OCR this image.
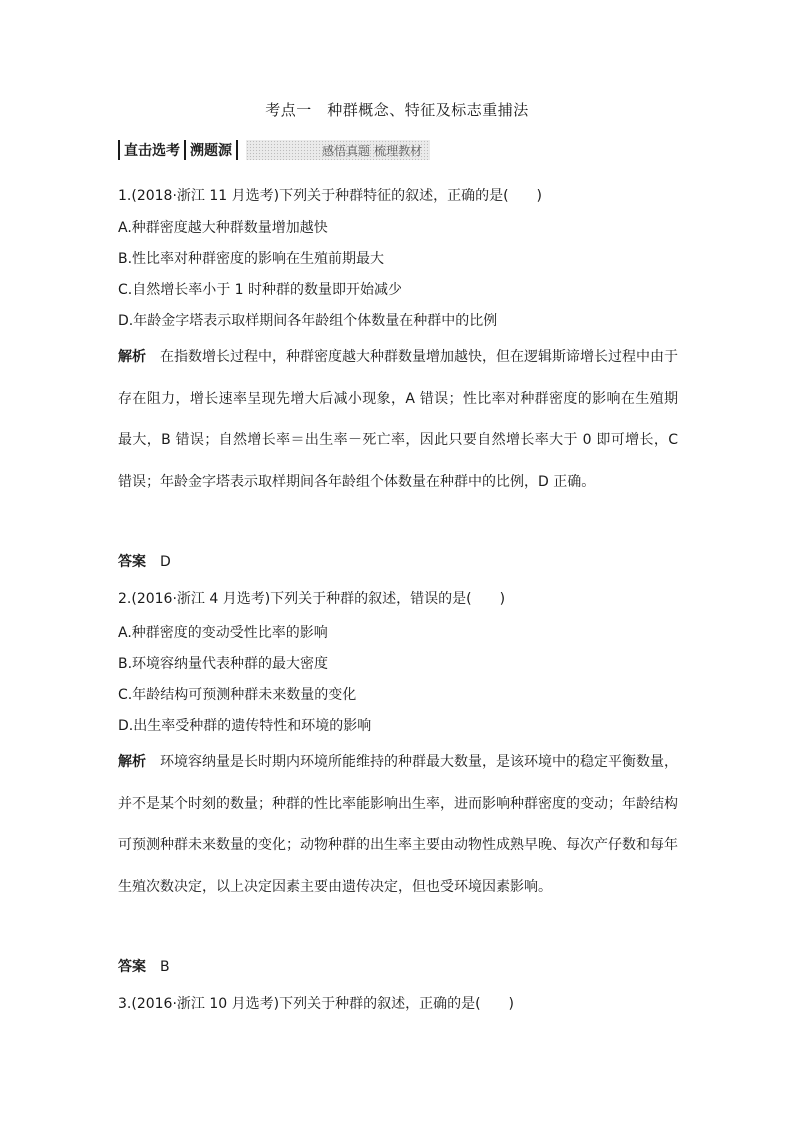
考点一　种群概念、特征及标志重捕法
直击选考 溯题源	感悟真题 梳理教材
1.(2018·浙江 11 月选考)下列关于种群特征的叙述，正确的是(　　)
A.种群密度越大种群数量增加越快
B.性比率对种群密度的影响在生殖前期最大
C.自然增长率小于 1 时种群的数量即开始减少
D.年龄金字塔表示取样期间各年龄组个体数量在种群中的比例
解析 在指数增长过程中，种群密度越大种群数量增加越快，但在逻辑斯谛增长过程中由于存在阻力，增长速率呈现先增大后减小现象，A 错误；性比率对种群密度的影响在生殖期最大，B 错误；自然增长率＝出生率－死亡率，因此只要自然增长率大于 0 即可增长，C 错误；年龄金字塔表示取样期间各年龄组个体数量在种群中的比例，D 正确。
答案 D
2.(2016·浙江 4 月选考)下列关于种群的叙述，错误的是(　　)
A.种群密度的变动受性比率的影响
B.环境容纳量代表种群的最大密度
C.年龄结构可预测种群未来数量的变化
D.出生率受种群的遗传特性和环境的影响
解析 环境容纳量是长时期内环境所能维持的种群最大数量，是该环境中的稳定平衡数量，并不是某个时刻的数量；种群的性比率能影响出生率，进而影响种群密度的变动；年龄结构可预测种群未来数量的变化；动物种群的出生率主要由动物性成熟早晚、每次产仔数和每年生殖次数决定，以上决定因素主要由遗传决定，但也受环境因素影响。
答案 B
3.(2016·浙江 10 月选考)下列关于种群的叙述，正确的是(　　)
